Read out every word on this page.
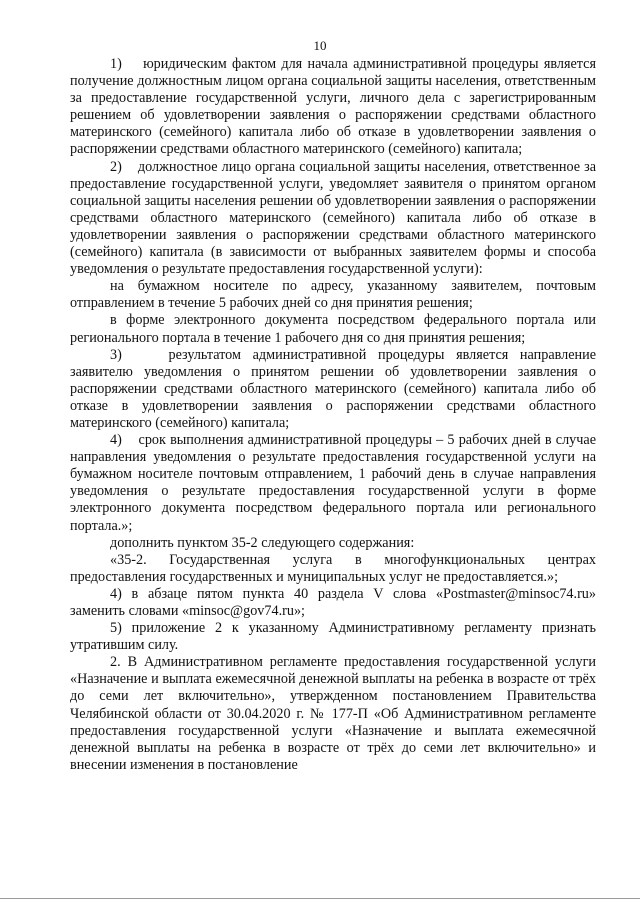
10

1)    юридическим фактом для начала административной процедуры является получение должностным лицом органа социальной защиты населения, ответственным за предоставление государственной услуги, личного дела с зарегистрированным решением об удовлетворении заявления о распоряжении средствами областного материнского (семейного) капитала либо об отказе в удовлетворении заявления о распоряжении средствами областного материнского (семейного) капитала;

2)    должностное лицо органа социальной защиты населения, ответственное за предоставление государственной услуги, уведомляет заявителя о принятом органом социальной защиты населения решении об удовлетворении заявления о распоряжении средствами областного материнского (семейного) капитала либо об отказе в удовлетворении заявления о распоряжении средствами областного материнского (семейного) капитала (в зависимости от выбранных заявителем формы и способа уведомления о результате предоставления государственной услуги):

на бумажном носителе по адресу, указанному заявителем, почтовым отправлением в течение 5 рабочих дней со дня принятия решения;

в форме электронного документа посредством федерального портала или регионального портала в течение 1 рабочего дня со дня принятия решения;

3)    результатом административной процедуры является направление заявителю уведомления о принятом решении об удовлетворении заявления о распоряжении средствами областного материнского (семейного) капитала либо об отказе в удовлетворении заявления о распоряжении средствами областного материнского (семейного) капитала;

4)    срок выполнения административной процедуры – 5 рабочих дней в случае направления уведомления о результате предоставления государственной услуги на бумажном носителе почтовым отправлением, 1 рабочий день в случае направления уведомления о результате предоставления государственной услуги в форме электронного документа посредством федерального портала или регионального портала.»;

дополнить пунктом 35-2 следующего содержания:

«35-2. Государственная услуга в многофункциональных центрах предоставления государственных и муниципальных услуг не предоставляется.»;

4) в абзаце пятом пункта 40 раздела V слова «Postmaster@minsoc74.ru» заменить словами «minsoc@gov74.ru»;

5) приложение 2 к указанному Административному регламенту признать утратившим силу.

2. В Административном регламенте предоставления государственной услуги «Назначение и выплата ежемесячной денежной выплаты на ребенка в возрасте от трёх до семи лет включительно», утвержденном постановлением Правительства Челябинской области от 30.04.2020 г. № 177-П «Об Административном регламенте предоставления государственной услуги «Назначение и выплата ежемесячной денежной выплаты на ребенка в возрасте от трёх до семи лет включительно» и внесении изменения в постановление
